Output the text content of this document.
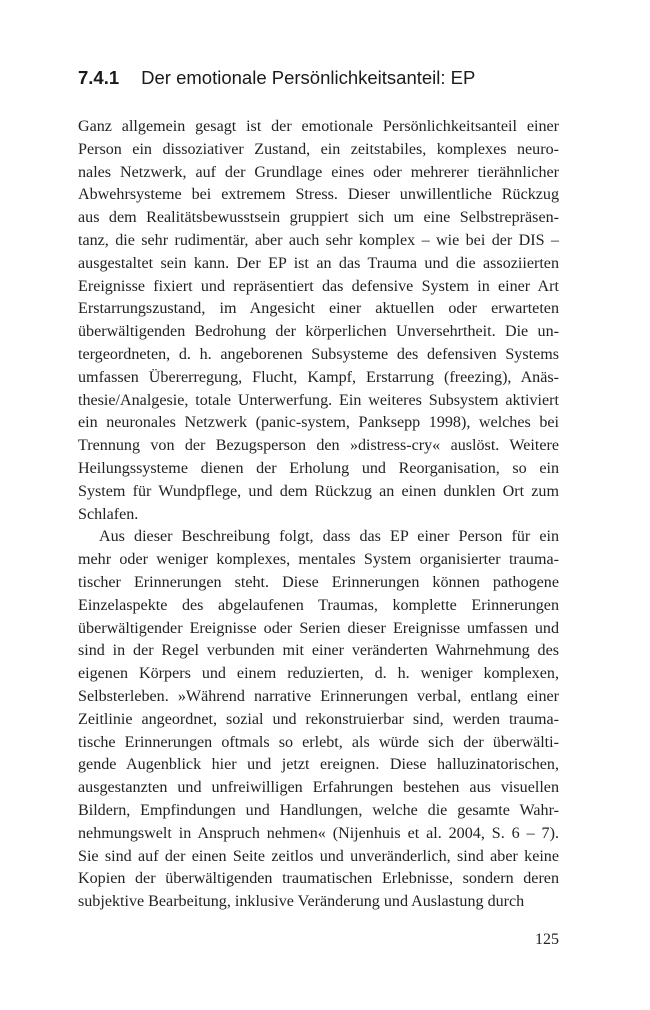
7.4.1 Der emotionale Persönlichkeitsanteil: EP
Ganz allgemein gesagt ist der emotionale Persönlichkeitsanteil einer
Person ein dissoziativer Zustand, ein zeitstabiles, komplexes neuro-
nales Netzwerk, auf der Grundlage eines oder mehrerer tierähnlicher
Abwehrsysteme bei extremem Stress. Dieser unwillentliche Rückzug
aus dem Realitätsbewusstsein gruppiert sich um eine Selbstrepräsen-
tanz, die sehr rudimentär, aber auch sehr komplex – wie bei der DIS –
ausgestaltet sein kann. Der EP ist an das Trauma und die assoziierten
Ereignisse fixiert und repräsentiert das defensive System in einer Art
Erstarrungszustand, im Angesicht einer aktuellen oder erwarteten
überwältigenden Bedrohung der körperlichen Unversehrtheit. Die un-
tergeordneten, d. h. angeborenen Subsysteme des defensiven Systems
umfassen Übererregung, Flucht, Kampf, Erstarrung (freezing), Anäs-
thesie/Analgesie, totale Unterwerfung. Ein weiteres Subsystem aktiviert
ein neuronales Netzwerk (panic-system, Panksepp 1998), welches bei
Trennung von der Bezugsperson den »distress-cry« auslöst. Weitere
Heilungssysteme dienen der Erholung und Reorganisation, so ein
System für Wundpflege, und dem Rückzug an einen dunklen Ort zum
Schlafen.
Aus dieser Beschreibung folgt, dass das EP einer Person für ein
mehr oder weniger komplexes, mentales System organisierter trauma-
tischer Erinnerungen steht. Diese Erinnerungen können pathogene
Einzelaspekte des abgelaufenen Traumas, komplette Erinnerungen
überwältigender Ereignisse oder Serien dieser Ereignisse umfassen und
sind in der Regel verbunden mit einer veränderten Wahrnehmung des
eigenen Körpers und einem reduzierten, d. h. weniger komplexen,
Selbsterleben. »Während narrative Erinnerungen verbal, entlang einer
Zeitlinie angeordnet, sozial und rekonstruierbar sind, werden trauma-
tische Erinnerungen oftmals so erlebt, als würde sich der überwälti-
gende Augenblick hier und jetzt ereignen. Diese halluzinatorischen,
ausgestanzten und unfreiwilligen Erfahrungen bestehen aus visuellen
Bildern, Empfindungen und Handlungen, welche die gesamte Wahr-
nehmungswelt in Anspruch nehmen« (Nijenhuis et al. 2004, S. 6 – 7).
Sie sind auf der einen Seite zeitlos und unveränderlich, sind aber keine
Kopien der überwältigenden traumatischen Erlebnisse, sondern deren
subjektive Bearbeitung, inklusive Veränderung und Auslastung durch
125
